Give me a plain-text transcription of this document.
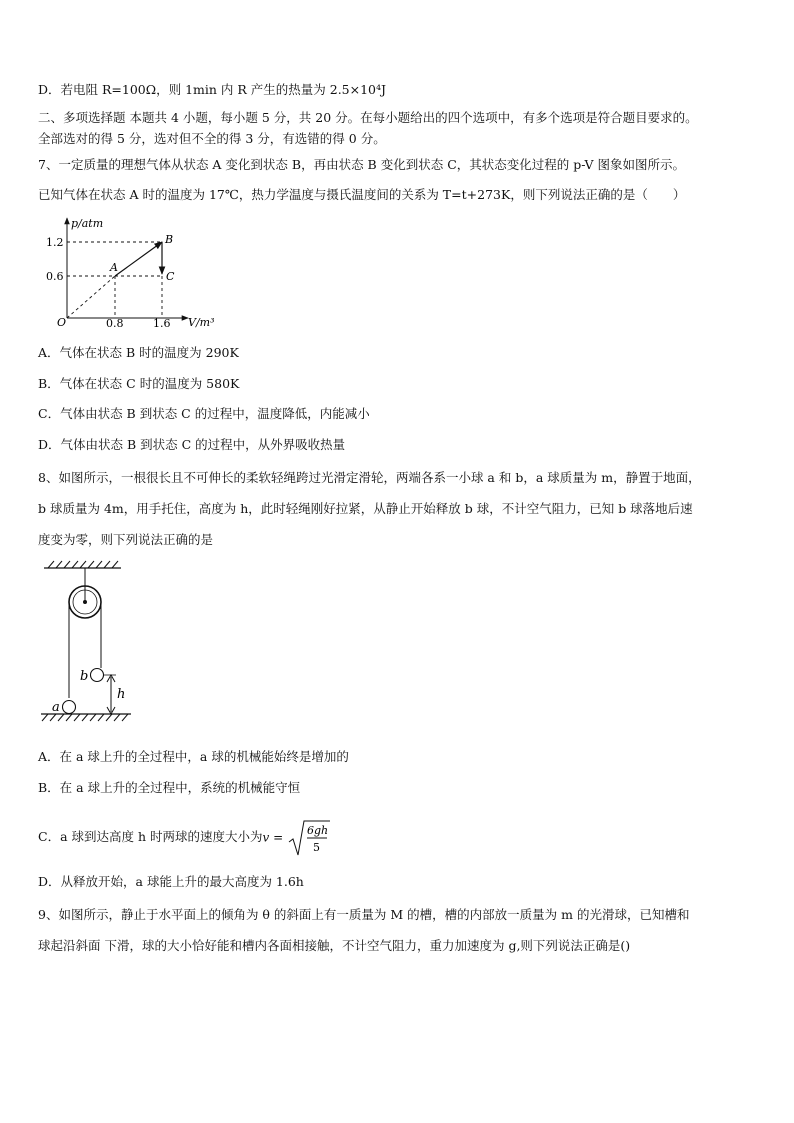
D．若电阻 R=100Ω，则 1min 内 R 产生的热量为 2.5×10⁴J
二、多项选择题 本题共 4 小题，每小题 5 分，共 20 分。在每小题给出的四个选项中，有多个选项是符合题目要求的。
全部选对的得 5 分，选对但不全的得 3 分，有选错的得 0 分。
7、一定质量的理想气体从状态 A 变化到状态 B，再由状态 B 变化到状态 C，其状态变化过程的 p-V 图象如图所示。
已知气体在状态 A 时的温度为 17℃，热力学温度与摄氏温度间的关系为 T=t+273K，则下列说法正确的是（　　）
p/atm
V/m³
O
1.2
0.6
0.8	1.6
A
B
C
A．气体在状态 B 时的温度为 290K
B．气体在状态 C 时的温度为 580K
C．气体由状态 B 到状态 C 的过程中，温度降低，内能减小
D．气体由状态 B 到状态 C 的过程中，从外界吸收热量
8、如图所示，一根很长且不可伸长的柔软轻绳跨过光滑定滑轮，两端各系一小球 a 和 b，a 球质量为 m，静置于地面，
b 球质量为 4m，用手托住，高度为 h，此时轻绳刚好拉紧，从静止开始释放 b 球，不计空气阻力，已知 b 球落地后速
度变为零，则下列说法正确的是
b
a
h
A．在 a 球上升的全过程中，a 球的机械能始终是增加的
B．在 a 球上升的全过程中，系统的机械能守恒
C．a 球到达高度 h 时两球的速度大小为v =
6gh
5
D．从释放开始，a 球能上升的最大高度为 1.6h
9、如图所示，静止于水平面上的倾角为 θ 的斜面上有一质量为 M 的槽，槽的内部放一质量为 m 的光滑球，已知槽和
球起沿斜面 下滑，球的大小恰好能和槽内各面相接触，不计空气阻力，重力加速度为 g,则下列说法正确是()
